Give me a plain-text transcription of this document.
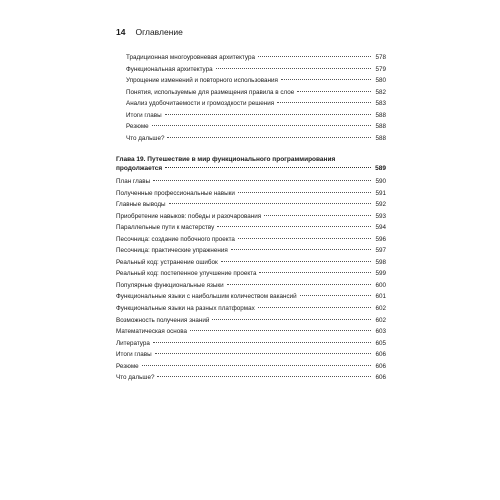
14 Оглавление
Традиционная многоуровневая архитектура	578
Функциональная архитектура	579
Упрощение изменений и повторного использования	580
Понятия, используемые для размещения правила в слое	582
Анализ удобочитаемости и громоздкости решения	583
Итоги главы	588
Резюме	588
Что дальше?	588
Глава 19. Путешествие в мир функционального программирования
продолжается	589
План главы	590
Полученные профессиональные навыки	591
Главные выводы	592
Приобретение навыков: победы и разочарования	593
Параллельные пути к мастерству	594
Песочница: создание побочного проекта	596
Песочница: практические упражнения	597
Реальный код: устранение ошибок	598
Реальный код: постепенное улучшение проекта	599
Популярные функциональные языки	600
Функциональные языки с наибольшим количеством вакансий	601
Функциональные языки на разных платформах	602
Возможность получения знаний	602
Математическая основа	603
Литература	605
Итоги главы	606
Резюме	606
Что дальше?	606
